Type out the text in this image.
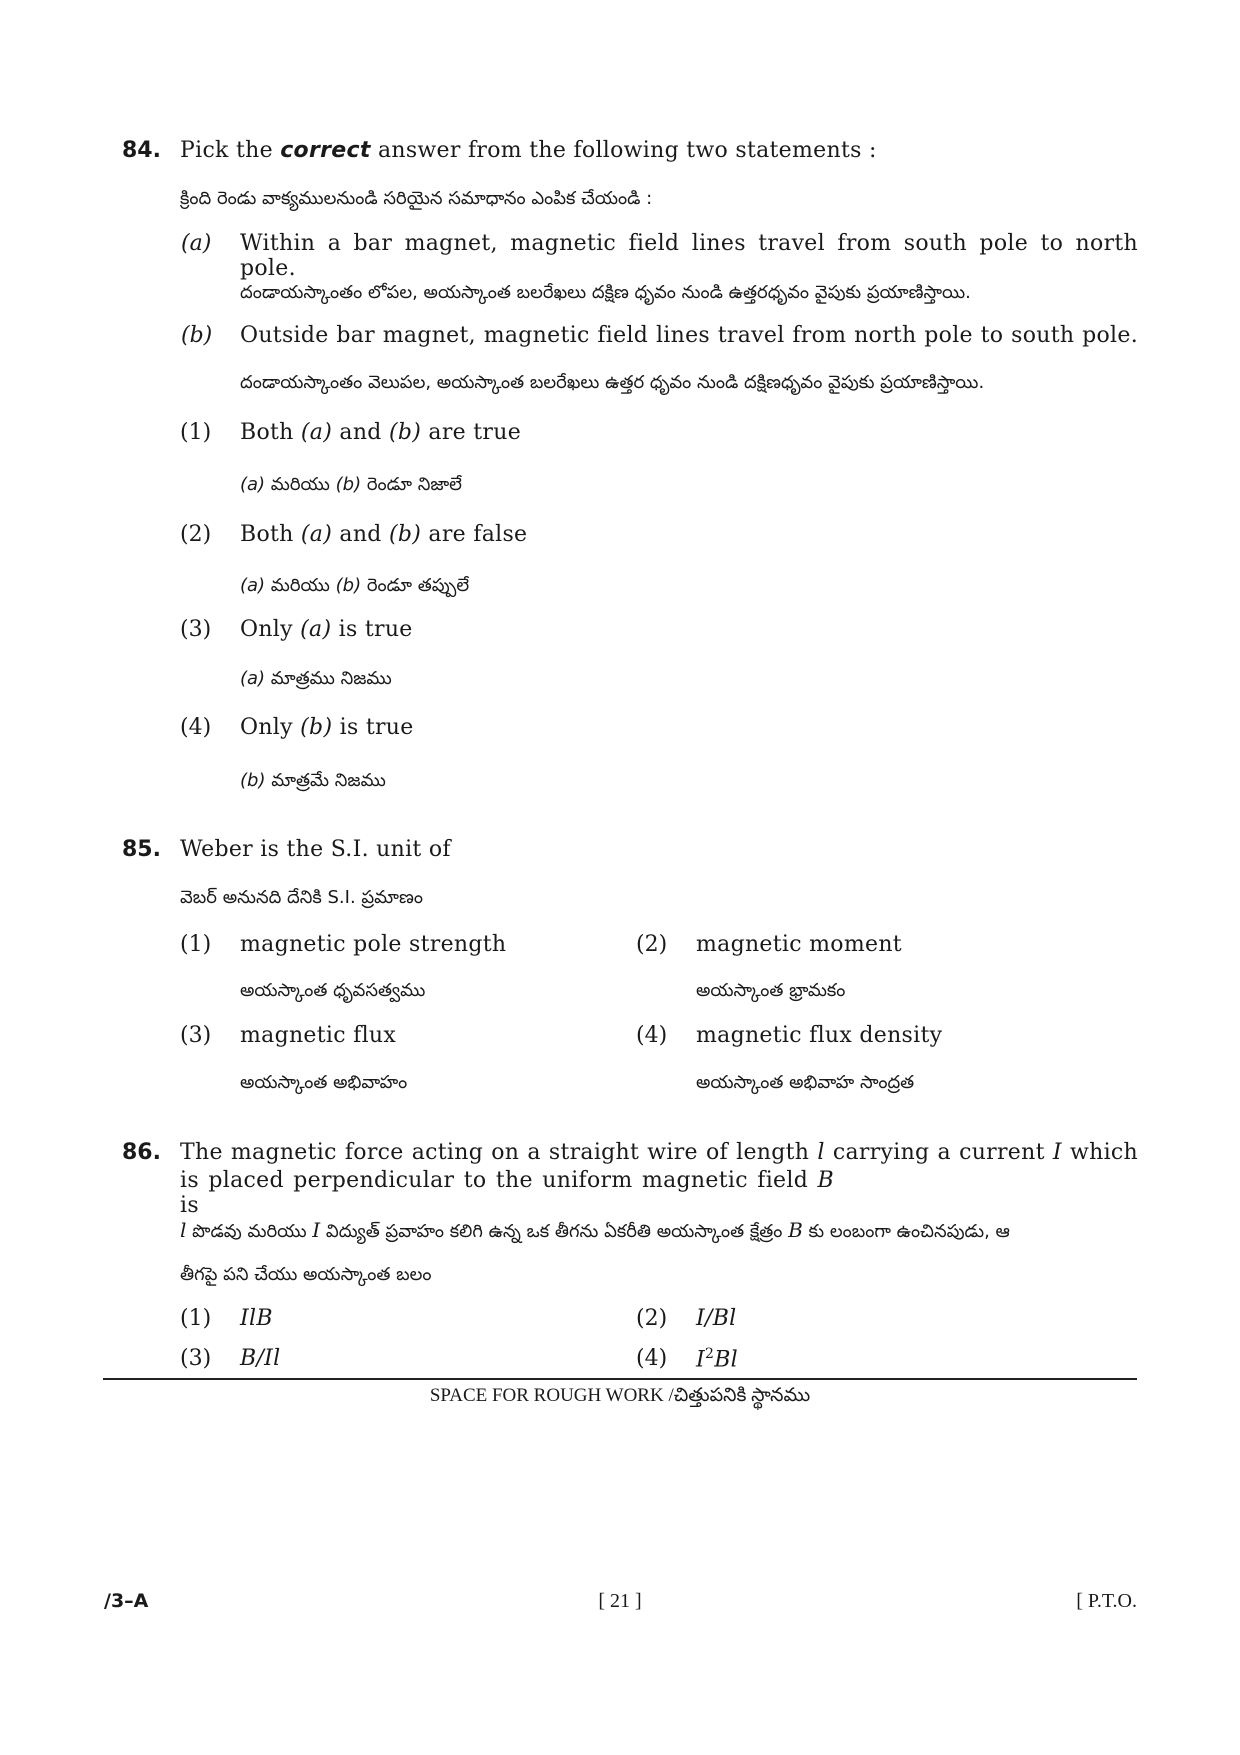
84. Pick the correct answer from the following two statements :
క్రింది రెండు వాక్యములనుండి సరియైన సమాధానం ఎంపిక చేయండి :
(a) Within a bar magnet, magnetic field lines travel from south pole to north pole.
దండాయస్కాంతం లోపల, అయస్కాంత బలరేఖలు దక్షిణ ధృవం నుండి ఉత్తరధృవం వైపుకు ప్రయాణిస్తాయి.
(b) Outside bar magnet, magnetic field lines travel from north pole to south pole.
దండాయస్కాంతం వెలుపల, అయస్కాంత బలరేఖలు ఉత్తర ధృవం నుండి దక్షిణధృవం వైపుకు ప్రయాణిస్తాయి.
(1) Both (a) and (b) are true
(a) మరియు (b) రెండూ నిజాలే
(2) Both (a) and (b) are false
(a) మరియు (b) రెండూ తప్పులే
(3) Only (a) is true
(a) మాత్రము నిజము
(4) Only (b) is true
(b) మాత్రమే నిజము
85. Weber is the S.I. unit of
వెబర్ అనునది దేనికి S.I. ప్రమాణం
(1) magnetic pole strength
అయస్కాంత ధృవసత్వము
(2) magnetic moment
అయస్కాంత భ్రామకం
(3) magnetic flux
అయస్కాంత అభివాహం
(4) magnetic flux density
అయస్కాంత అభివాహ సాంద్రత
86. The magnetic force acting on a straight wire of length l carrying a current I which
is placed perpendicular to the uniform magnetic field B is
l పొడవు మరియు I విద్యుత్ ప్రవాహం కలిగి ఉన్న ఒక తీగను ఏకరీతి అయస్కాంత క్షేత్రం B కు లంబంగా ఉంచినపుడు, ఆ
తీగపై పని చేయు అయస్కాంత బలం
(1) IlB	(2) I/Bl
(3) B/Il	(4) $I^2Bl$
SPACE FOR ROUGH WORK /చిత్తుపనికి స్థానము
/3–A	[ 21 ]	[ P.T.O.
